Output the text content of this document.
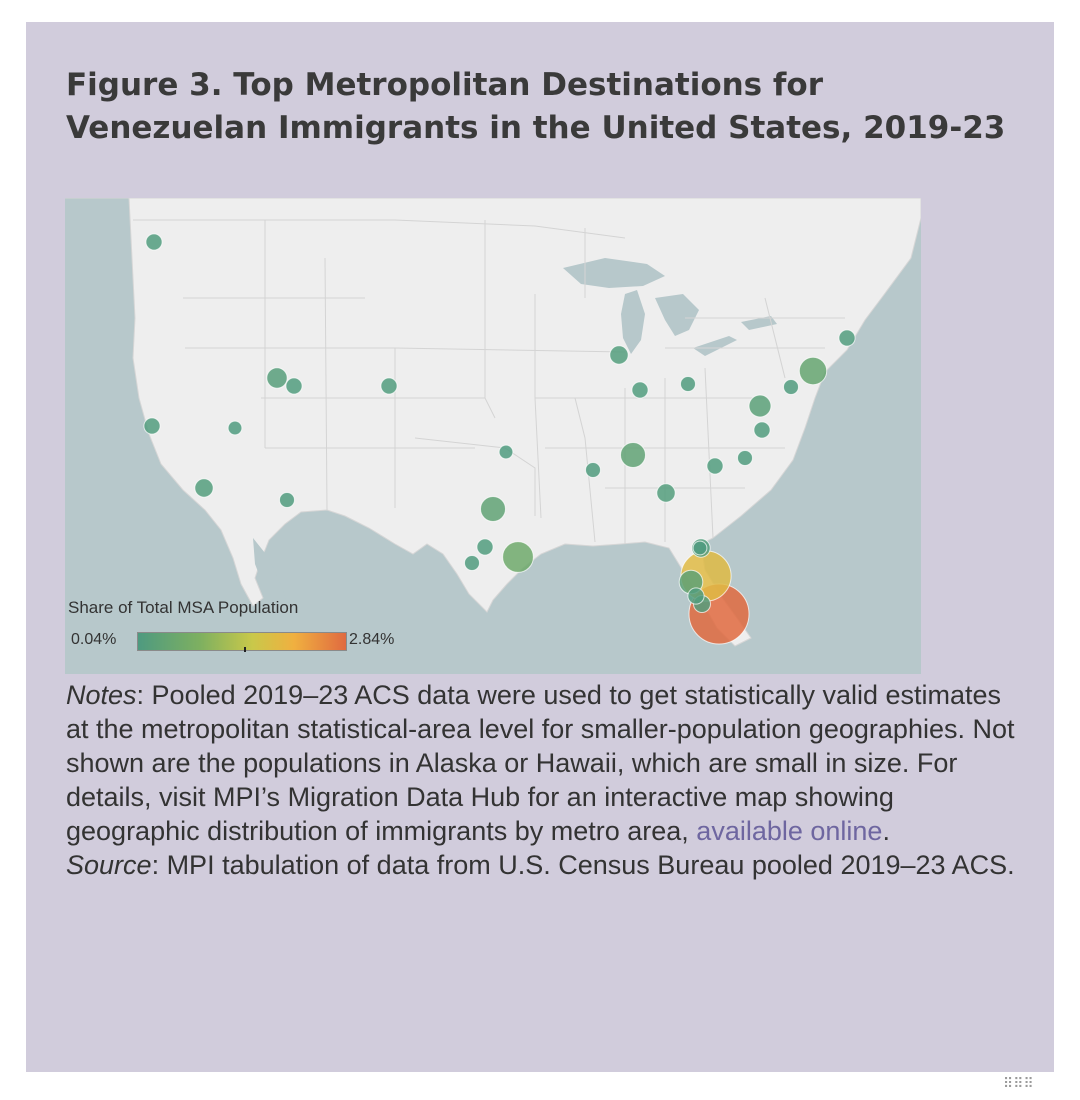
Figure 3. Top Metropolitan Destinations for Venezuelan Immigrants in the United States, 2019-23
Share of Total MSA Population
0.04%	2.84%

Notes: Pooled 2019–23 ACS data were used to get statistically valid estimates at the metropolitan statistical-area level for smaller-population geographies. Not shown are the populations in Alaska or Hawaii, which are small in size. For details, visit MPI’s Migration Data Hub for an interactive map showing geographic distribution of immigrants by metro area, available online.
Source: MPI tabulation of data from U.S. Census Bureau pooled 2019–23 ACS.

⠿⠿⠿
